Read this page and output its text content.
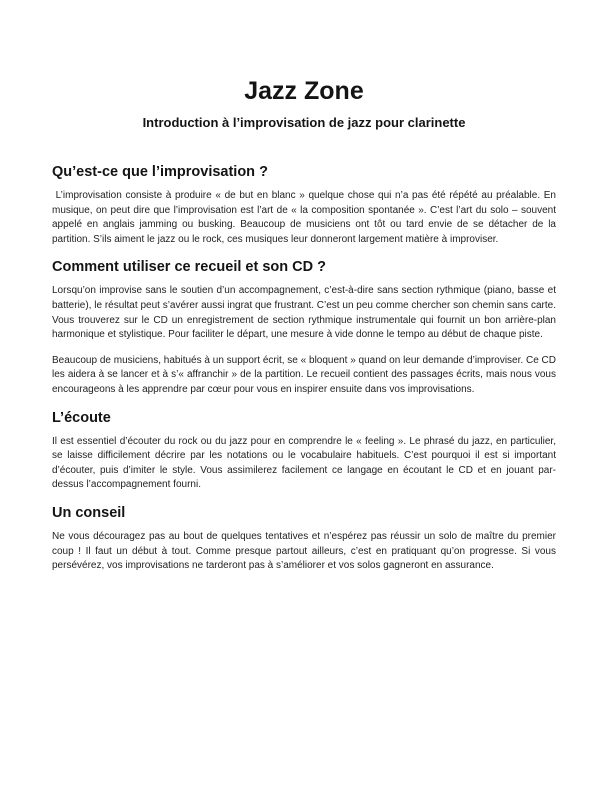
Jazz Zone
Introduction à l’improvisation de jazz pour clarinette
Qu’est-ce que l’improvisation ?

L’improvisation consiste à produire « de but en blanc » quelque chose qui n’a pas été répété au préalable. En musique, on peut dire que l’improvisation est l’art de « la composition spontanée ». C’est l’art du solo – souvent appelé en anglais jamming ou busking. Beaucoup de musiciens ont tôt ou tard envie de se détacher de la partition. S’ils aiment le jazz ou le rock, ces musiques leur donneront largement matière à improviser.

Comment utiliser ce recueil et son CD ?

Lorsqu’on improvise sans le soutien d’un accompagnement, c’est-à-dire sans section rythmique (piano, basse et batterie), le résultat peut s’avérer aussi ingrat que frustrant. C’est un peu comme chercher son chemin sans carte. Vous trouverez sur le CD un enregistrement de section rythmique instrumentale qui fournit un bon arrière-plan harmonique et stylistique. Pour faciliter le départ, une mesure à vide donne le tempo au début de chaque piste.

Beaucoup de musiciens, habitués à un support écrit, se « bloquent » quand on leur demande d’improviser. Ce CD les aidera à se lancer et à s’« affranchir » de la partition. Le recueil contient des passages écrits, mais nous vous encourageons à les apprendre par cœur pour vous en inspirer ensuite dans vos improvisations.

L’écoute

Il est essentiel d’écouter du rock ou du jazz pour en comprendre le « feeling ». Le phrasé du jazz, en particulier, se laisse difficilement décrire par les notations ou le vocabulaire habituels. C’est pourquoi il est si important d’écouter, puis d’imiter le style. Vous assimilerez facilement ce langage en écoutant le CD et en jouant par-dessus l’accompagnement fourni.

Un conseil

Ne vous découragez pas au bout de quelques tentatives et n’espérez pas réussir un solo de maître du premier coup ! Il faut un début à tout. Comme presque partout ailleurs, c’est en pratiquant qu’on progresse. Si vous persévérez, vos improvisations ne tarderont pas à s’améliorer et vos solos gagneront en assurance.
